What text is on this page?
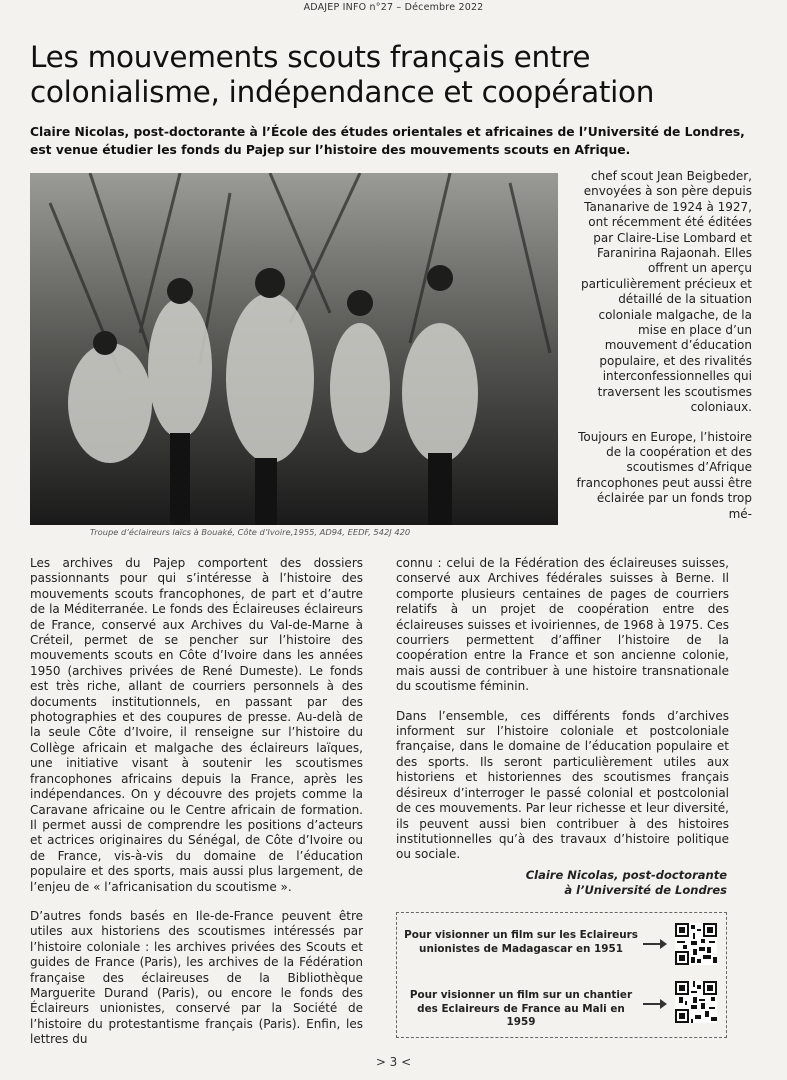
ADAJEP INFO n°27 – Décembre 2022
Les mouvements scouts français entre colonialisme, indépendance et coopération
Claire Nicolas, post-doctorante à l’École des études orientales et africaines de l’Université de Londres, est venue étudier les fonds du Pajep sur l’histoire des mouvements scouts en Afrique.
Troupe d’éclaireurs laïcs à Bouaké, Côte d’Ivoire,1955, AD94, EEDF, 542J 420

chef scout Jean Beigbeder, envoyées à son père depuis Tananarive de 1924 à 1927, ont récemment été éditées par Claire-Lise Lombard et Faranirina Rajaonah. Elles offrent un aperçu particulièrement précieux et détaillé de la situation coloniale malgache, de la mise en place d’un mouvement d’éducation populaire, et des rivalités interconfessionnelles qui traversent les scoutismes coloniaux.

Toujours en Europe, l’histoire de la coopération et des scoutismes d’Afrique francophones peut aussi être éclairée par un fonds trop mé-

Les archives du Pajep comportent des dossiers passionnants pour qui s’intéresse à l’histoire des mouvements scouts francophones, de part et d’autre de la Méditerranée. Le fonds des Éclaireuses éclaireurs de France, conservé aux Archives du Val-de-Marne à Créteil, permet de se pencher sur l’histoire des mouvements scouts en Côte d’Ivoire dans les années 1950 (archives privées de René Dumeste). Le fonds est très riche, allant de courriers personnels à des documents institutionnels, en passant par des photographies et des coupures de presse. Au-delà de la seule Côte d’Ivoire, il renseigne sur l’histoire du Collège africain et malgache des éclaireurs laïques, une initiative visant à soutenir les scoutismes francophones africains depuis la France, après les indépendances. On y découvre des projets comme la Caravane africaine ou le Centre africain de formation. Il permet aussi de comprendre les positions d’acteurs et actrices originaires du Sénégal, de Côte d’Ivoire ou de France, vis-à-vis du domaine de l’éducation populaire et des sports, mais aussi plus largement, de l’enjeu de « l’africanisation du scoutisme ».

D’autres fonds basés en Ile-de-France peuvent être utiles aux historiens des scoutismes intéressés par l’histoire coloniale : les archives privées des Scouts et guides de France (Paris), les archives de la Fédération française des éclaireuses de la Bibliothèque Marguerite Durand (Paris), ou encore le fonds des Éclaireurs unionistes, conservé par la Société de l’histoire du protestantisme français (Paris). Enfin, les lettres du

connu : celui de la Fédération des éclaireuses suisses, conservé aux Archives fédérales suisses à Berne. Il comporte plusieurs centaines de pages de courriers relatifs à un projet de coopération entre des éclaireuses suisses et ivoiriennes, de 1968 à 1975. Ces courriers permettent d’affiner l’histoire de la coopération entre la France et son ancienne colonie, mais aussi de contribuer à une histoire transnationale du scoutisme féminin.

Dans l’ensemble, ces différents fonds d’archives informent sur l’histoire coloniale et postcoloniale française, dans le domaine de l’éducation populaire et des sports. Ils seront particulièrement utiles aux historiens et historiennes des scoutismes français désireux d’interroger le passé colonial et postcolonial de ces mouvements. Par leur richesse et leur diversité, ils peuvent aussi bien contribuer à des histoires institutionnelles qu’à des travaux d’histoire politique ou sociale.

Claire Nicolas, post-doctorante
à l’Université de Londres
Pour visionner un film sur les Eclaireurs unionistes de Madagascar en 1951
Pour visionner un film sur un chantier des Eclaireurs de France au Mali en 1959
> 3 <
